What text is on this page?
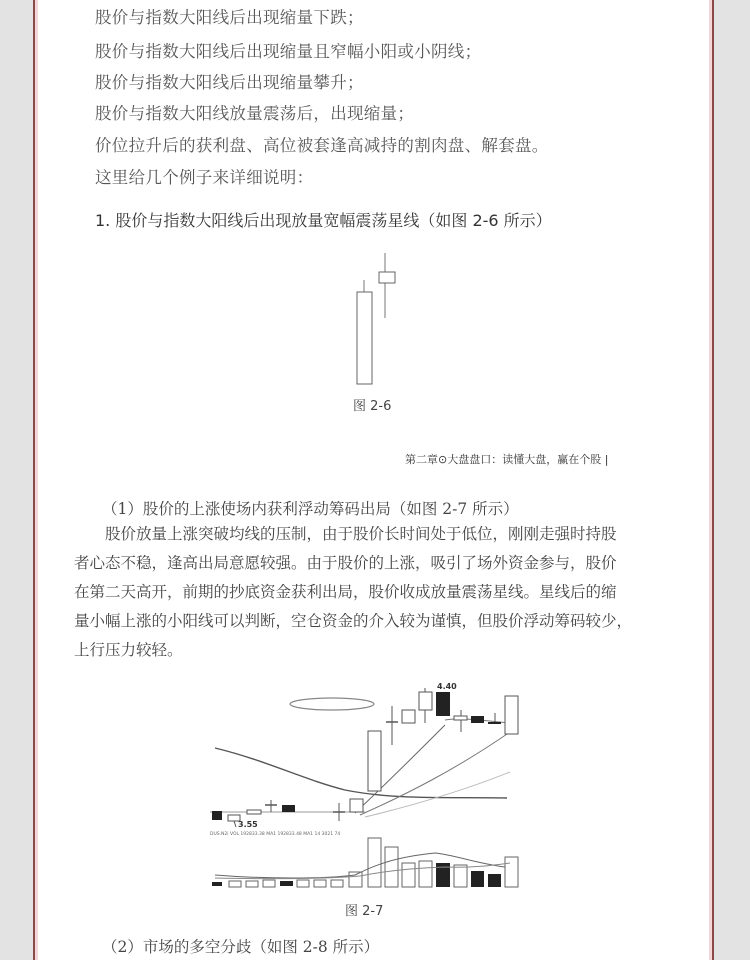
股价与指数大阳线后出现缩量下跌；
股价与指数大阳线后出现缩量且窄幅小阳或小阴线；
股价与指数大阳线后出现缩量攀升；
股价与指数大阳线放量震荡后，出现缩量；
价位拉升后的获利盘、高位被套逢高减持的割肉盘、解套盘。
这里给几个例子来详细说明：
1. 股价与指数大阳线后出现放量宽幅震荡星线（如图 2-6 所示）
图 2-6
第二章⊙大盘盘口：读懂大盘，赢在个股 |
（1）股价的上涨使场内获利浮动筹码出局（如图 2-7 所示）
股价放量上涨突破均线的压制，由于股价长时间处于低位，刚刚走强时持股
者心态不稳，逢高出局意愿较强。由于股价的上涨，吸引了场外资金参与，股价
在第二天高开，前期的抄底资金获利出局，股价收成放量震荡星线。星线后的缩
量小幅上涨的小阳线可以判断，空仓资金的介入较为谨慎，但股价浮动筹码较少，
上行压力较轻。
3.55
4.40
DUS.N2i VOL 192833.38 MA1 192833.48 MA1 14 3021 74
图 2-7
（2）市场的多空分歧（如图 2-8 所示）
